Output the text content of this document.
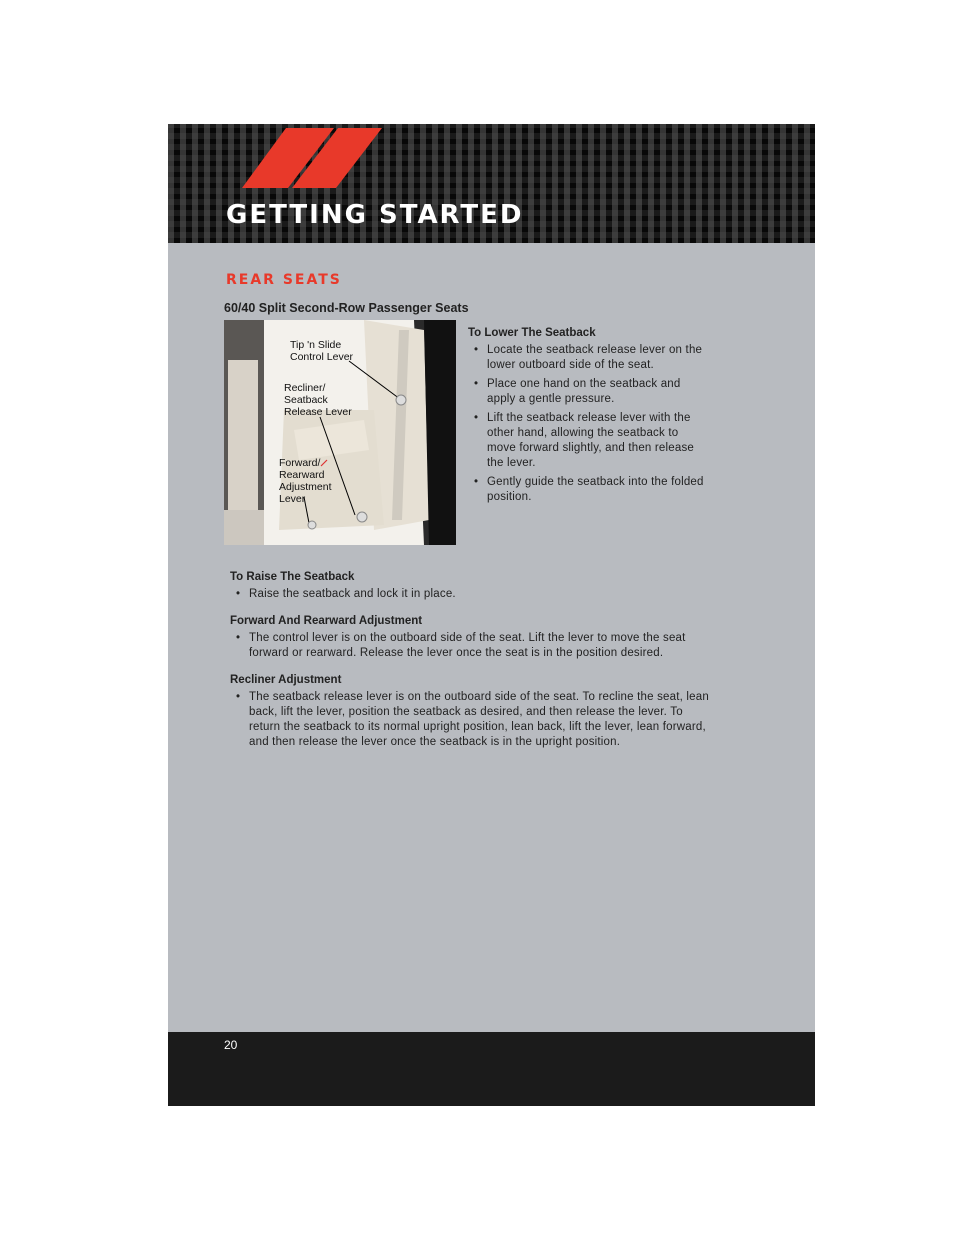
GETTING STARTED
REAR SEATS
60/40 Split Second-Row Passenger Seats
Tip 'n Slide
Control Lever
Recliner/
Seatback
Release Lever
Forward/
Rearward
Adjustment
Lever
To Lower The Seatback
• Locate the seatback release lever on the lower outboard side of the seat.
• Place one hand on the seatback and apply a gentle pressure.
• Lift the seatback release lever with the other hand, allowing the seatback to move forward slightly, and then release the lever.
• Gently guide the seatback into the folded position.
To Raise The Seatback
• Raise the seatback and lock it in place.
Forward And Rearward Adjustment
• The control lever is on the outboard side of the seat. Lift the lever to move the seat forward or rearward. Release the lever once the seat is in the position desired.
Recliner Adjustment
• The seatback release lever is on the outboard side of the seat. To recline the seat, lean back, lift the lever, position the seatback as desired, and then release the lever. To return the seatback to its normal upright position, lean back, lift the lever, lean forward, and then release the lever once the seatback is in the upright position.
20
